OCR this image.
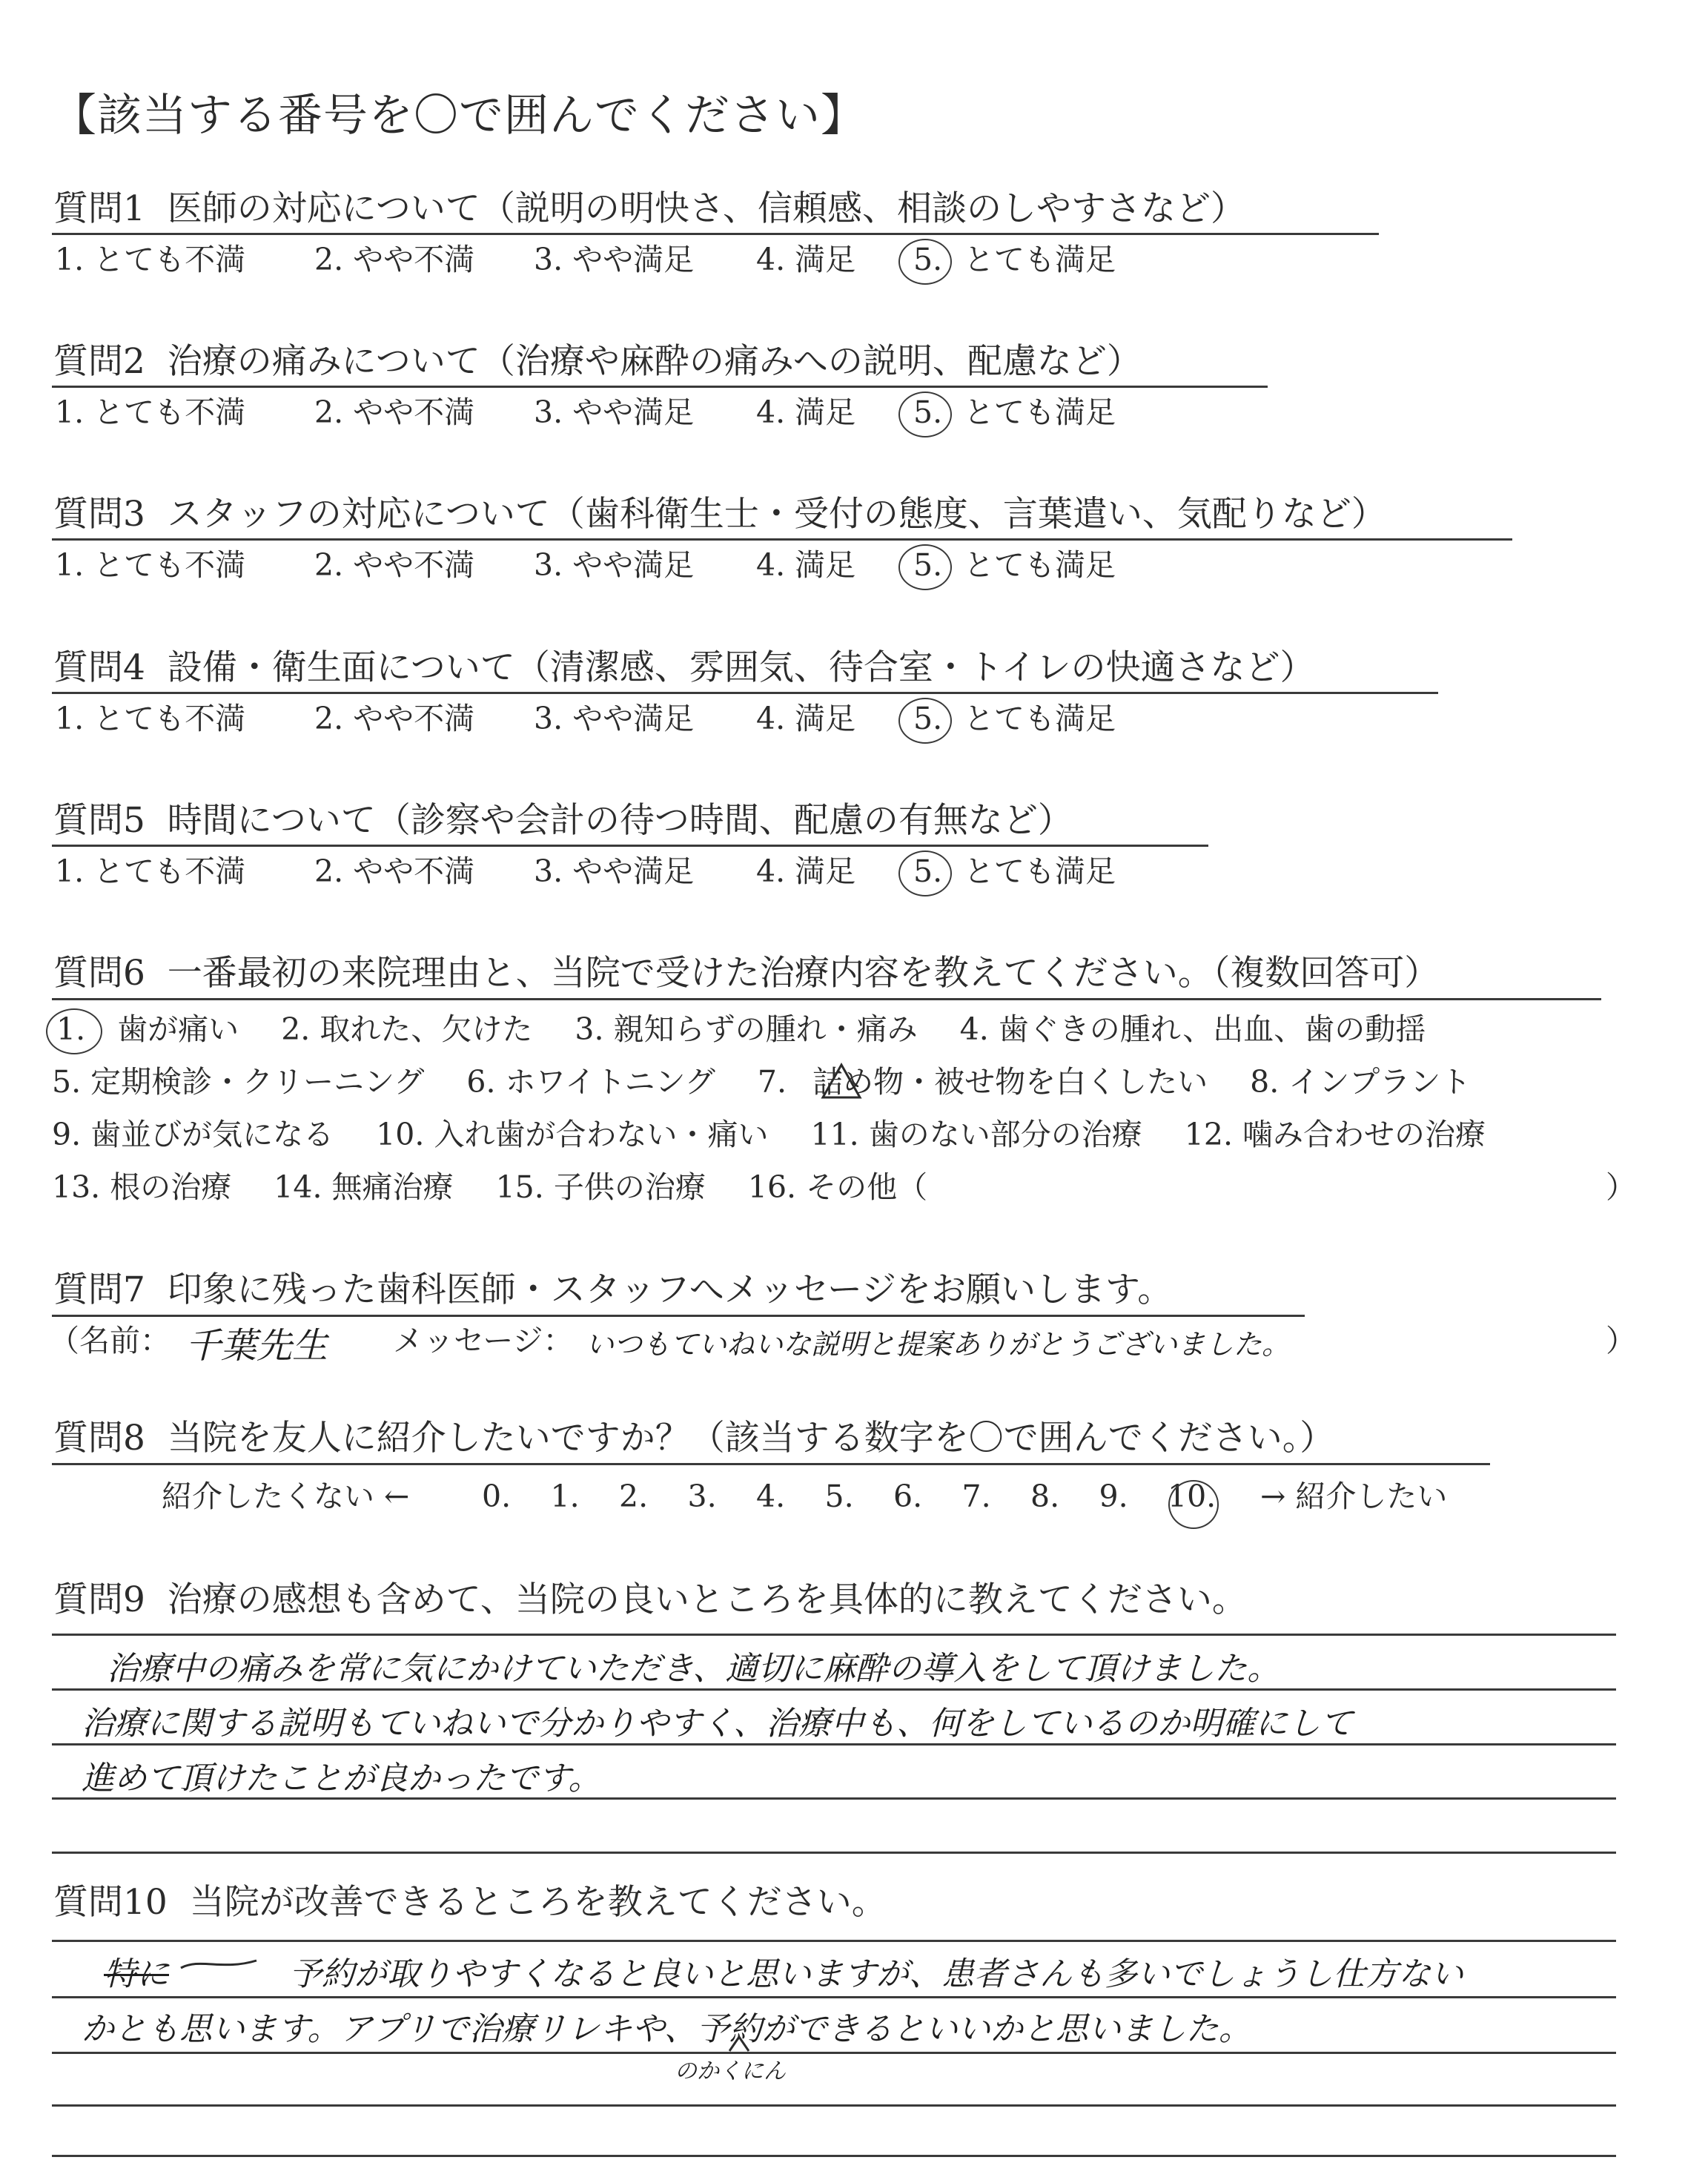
【該当する番号を〇で囲んでください】
質問1 医師の対応について（説明の明快さ、信頼感、相談のしやすさなど）
1. とても不満 2. やや不満 3. やや満足 4. 満足 5. とても満足
質問2 治療の痛みについて（治療や麻酔の痛みへの説明、配慮など）
1. とても不満 2. やや不満 3. やや満足 4. 満足 5. とても満足
質問3 スタッフの対応について（歯科衛生士・受付の態度、言葉遣い、気配りなど）
1. とても不満 2. やや不満 3. やや満足 4. 満足 5. とても満足
質問4 設備・衛生面について（清潔感、雰囲気、待合室・トイレの快適さなど）
1. とても不満 2. やや不満 3. やや満足 4. 満足 5. とても満足
質問5 時間について（診察や会計の待つ時間、配慮の有無など）
1. とても不満 2. やや不満 3. やや満足 4. 満足 5. とても満足
質問6 一番最初の来院理由と、当院で受けた治療内容を教えてください。（複数回答可）
1. 歯が痛い 2. 取れた、欠けた 3. 親知らずの腫れ・痛み 4. 歯ぐきの腫れ、出血、歯の動揺
5. 定期検診・クリーニング 6. ホワイトニング 7. 詰め物・被せ物を白くしたい 8. インプラント
9. 歯並びが気になる 10. 入れ歯が合わない・痛い 11. 歯のない部分の治療 12. 噛み合わせの治療
13. 根の治療 14. 無痛治療 15. 子供の治療 16. その他（	）
質問7 印象に残った歯科医師・スタッフへメッセージをお願いします。
（名前： 千葉先生 メッセージ： いつもていねいな説明と提案ありがとうございました。	）
質問8 当院を友人に紹介したいですか？（該当する数字を〇で囲んでください。）
紹介したくない ← 0. 1. 2. 3. 4. 5. 6. 7. 8. 9. 10. → 紹介したい
質問9 治療の感想も含めて、当院の良いところを具体的に教えてください。
治療中の痛みを常に気にかけていただき、適切に麻酔の導入をして頂けました。
治療に関する説明もていねいで分かりやすく、治療中も、何をしているのか明確にして
進めて頂けたことが良かったです。
質問10 当院が改善できるところを教えてください。
特に	予約が取りやすくなると良いと思いますが、患者さんも多いでしょうし仕方ない
かとも思います。アプリで治療リレキや、予約ができるといいかと思いました。
のかくにん
